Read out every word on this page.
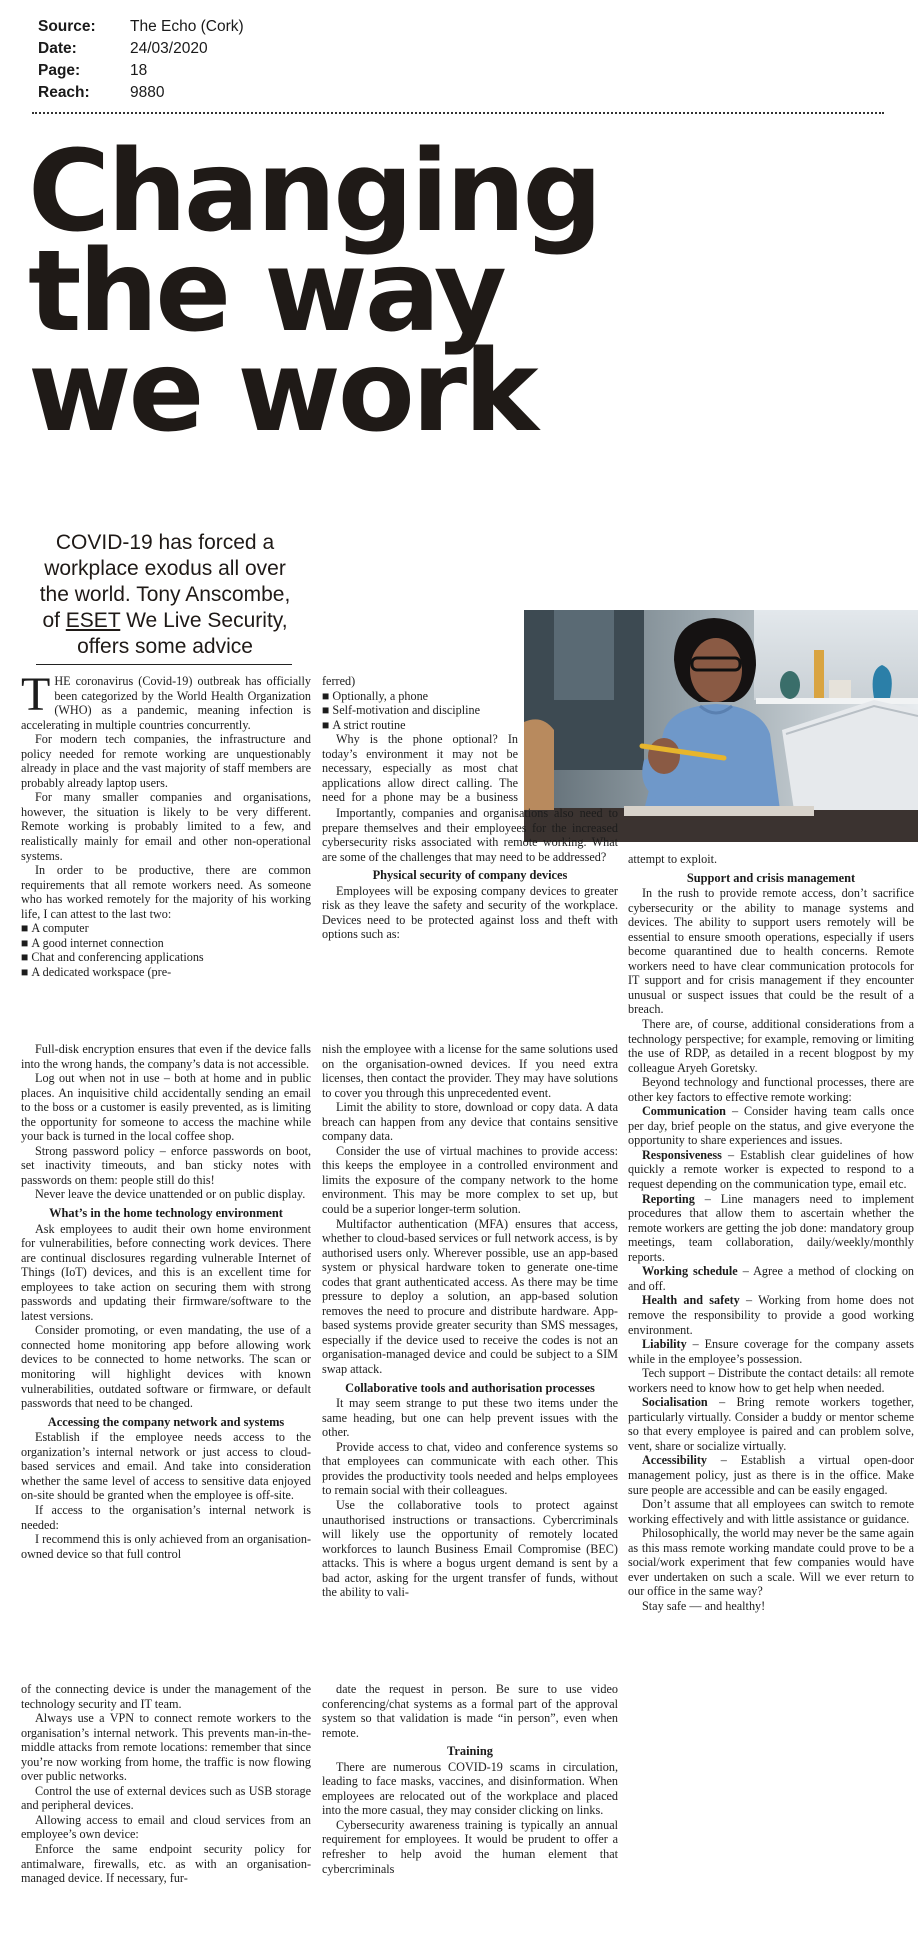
Source:	The Echo (Cork)
Date:	24/03/2020
Page:	18
Reach:	9880
Changing
the way
we work
COVID-19 has forced a workplace exodus all over the world. Tony Anscombe, of ESET We Live Security, offers some advice

THE coronavirus (Covid-19) outbreak has officially been categorized by the World Health Organization (WHO) as a pandemic, meaning infection is accelerating in multiple countries concurrently.

For modern tech companies, the infrastructure and policy needed for remote working are unquestionably already in place and the vast majority of staff members are probably already laptop users.

For many smaller companies and organisations, however, the situation is likely to be very different. Remote working is probably limited to a few, and realistically mainly for email and other non-operational systems.

In order to be productive, there are common requirements that all remote workers need. As someone who has worked remotely for the majority of his working life, I can attest to the last two:

■ A computer

■ A good internet connection

■ Chat and conferencing applications

■ A dedicated workspace (pre-

ferred)

■ Optionally, a phone

■ Self-motivation and discipline

■ A strict routine

Why is the phone optional? In today’s environment it may not be necessary, especially as most chat applications allow direct calling. The need for a phone may be a business

Importantly, companies and organisations also need to prepare themselves and their employees for the increased cybersecurity risks associated with remote working. What are some of the challenges that may need to be addressed?

Physical security of company devices

Employees will be exposing company devices to greater risk as they leave the safety and security of the workplace. Devices need to be protected against loss and theft with options such as:

Full-disk encryption ensures that even if the device falls into the wrong hands, the company’s data is not accessible.

Log out when not in use – both at home and in public places. An inquisitive child accidentally sending an email to the boss or a customer is easily prevented, as is limiting the opportunity for someone to access the machine while your back is turned in the local coffee shop.

Strong password policy – enforce passwords on boot, set inactivity timeouts, and ban sticky notes with passwords on them: people still do this!

Never leave the device unattended or on public display.

What’s in the home technology environment

Ask employees to audit their own home environment for vulnerabilities, before connecting work devices. There are continual disclosures regarding vulnerable Internet of Things (IoT) devices, and this is an excellent time for employees to take action on securing them with strong passwords and updating their firmware/software to the latest versions.

Consider promoting, or even mandating, the use of a connected home monitoring app before allowing work devices to be connected to home networks. The scan or monitoring will highlight devices with known vulnerabilities, outdated software or firmware, or default passwords that need to be changed.

Accessing the company network and systems

Establish if the employee needs access to the organization’s internal network or just access to cloud-based services and email. And take into consideration whether the same level of access to sensitive data enjoyed on-site should be granted when the employee is off-site.

If access to the organisation’s internal network is needed:

I recommend this is only achieved from an organisation-owned device so that full control

nish the employee with a license for the same solutions used on the organisation-owned devices. If you need extra licenses, then contact the provider. They may have solutions to cover you through this unprecedented event.

Limit the ability to store, download or copy data. A data breach can happen from any device that contains sensitive company data.

Consider the use of virtual machines to provide access: this keeps the employee in a controlled environment and limits the exposure of the company network to the home environment. This may be more complex to set up, but could be a superior longer-term solution.

Multifactor authentication (MFA) ensures that access, whether to cloud-based services or full network access, is by authorised users only. Wherever possible, use an app-based system or physical hardware token to generate one-time codes that grant authenticated access. As there may be time pressure to deploy a solution, an app-based solution removes the need to procure and distribute hardware. App-based systems provide greater security than SMS messages, especially if the device used to receive the codes is not an organisation-managed device and could be subject to a SIM swap attack.

Collaborative tools and authorisation processes

It may seem strange to put these two items under the same heading, but one can help prevent issues with the other.

Provide access to chat, video and conference systems so that employees can communicate with each other. This provides the productivity tools needed and helps employees to remain social with their colleagues.

Use the collaborative tools to protect against unauthorised instructions or transactions. Cybercriminals will likely use the opportunity of remotely located workforces to launch Business Email Compromise (BEC) attacks. This is where a bogus urgent demand is sent by a bad actor, asking for the urgent transfer of funds, without the ability to vali-

attempt to exploit.

Support and crisis management

In the rush to provide remote access, don’t sacrifice cybersecurity or the ability to manage systems and devices. The ability to support users remotely will be essential to ensure smooth operations, especially if users become quarantined due to health concerns. Remote workers need to have clear communication protocols for IT support and for crisis management if they encounter unusual or suspect issues that could be the result of a breach.

There are, of course, additional considerations from a technology perspective; for example, removing or limiting the use of RDP, as detailed in a recent blogpost by my colleague Aryeh Goretsky.

Beyond technology and functional processes, there are other key factors to effective remote working:

Communication – Consider having team calls once per day, brief people on the status, and give everyone the opportunity to share experiences and issues.

Responsiveness – Establish clear guidelines of how quickly a remote worker is expected to respond to a request depending on the communication type, email etc.

Reporting – Line managers need to implement procedures that allow them to ascertain whether the remote workers are getting the job done: mandatory group meetings, team collaboration, daily/weekly/monthly reports.

Working schedule – Agree a method of clocking on and off.

Health and safety – Working from home does not remove the responsibility to provide a good working environment.

Liability – Ensure coverage for the company assets while in the employee’s possession.

Tech support – Distribute the contact details: all remote workers need to know how to get help when needed.

Socialisation – Bring remote workers together, particularly virtually. Consider a buddy or mentor scheme so that every employee is paired and can problem solve, vent, share or socialize virtually.

Accessibility – Establish a virtual open-door management policy, just as there is in the office. Make sure people are accessible and can be easily engaged.

Don’t assume that all employees can switch to remote working effectively and with little assistance or guidance.

Philosophically, the world may never be the same again as this mass remote working mandate could prove to be a social/work experiment that few companies would have ever undertaken on such a scale. Will we ever return to our office in the same way?

Stay safe — and healthy!

of the connecting device is under the management of the technology security and IT team.

Always use a VPN to connect remote workers to the organisation’s internal network. This prevents man-in-the-middle attacks from remote locations: remember that since you’re now working from home, the traffic is now flowing over public networks.

Control the use of external devices such as USB storage and peripheral devices.

Allowing access to email and cloud services from an employee’s own device:

Enforce the same endpoint security policy for antimalware, firewalls, etc. as with an organisation-managed device. If necessary, fur-

date the request in person. Be sure to use video conferencing/chat systems as a formal part of the approval system so that validation is made “in person”, even when remote.

Training

There are numerous COVID-19 scams in circulation, leading to face masks, vaccines, and disinformation. When employees are relocated out of the workplace and placed into the more casual, they may consider clicking on links.

Cybersecurity awareness training is typically an annual requirement for employees. It would be prudent to offer a refresher to help avoid the human element that cybercriminals
